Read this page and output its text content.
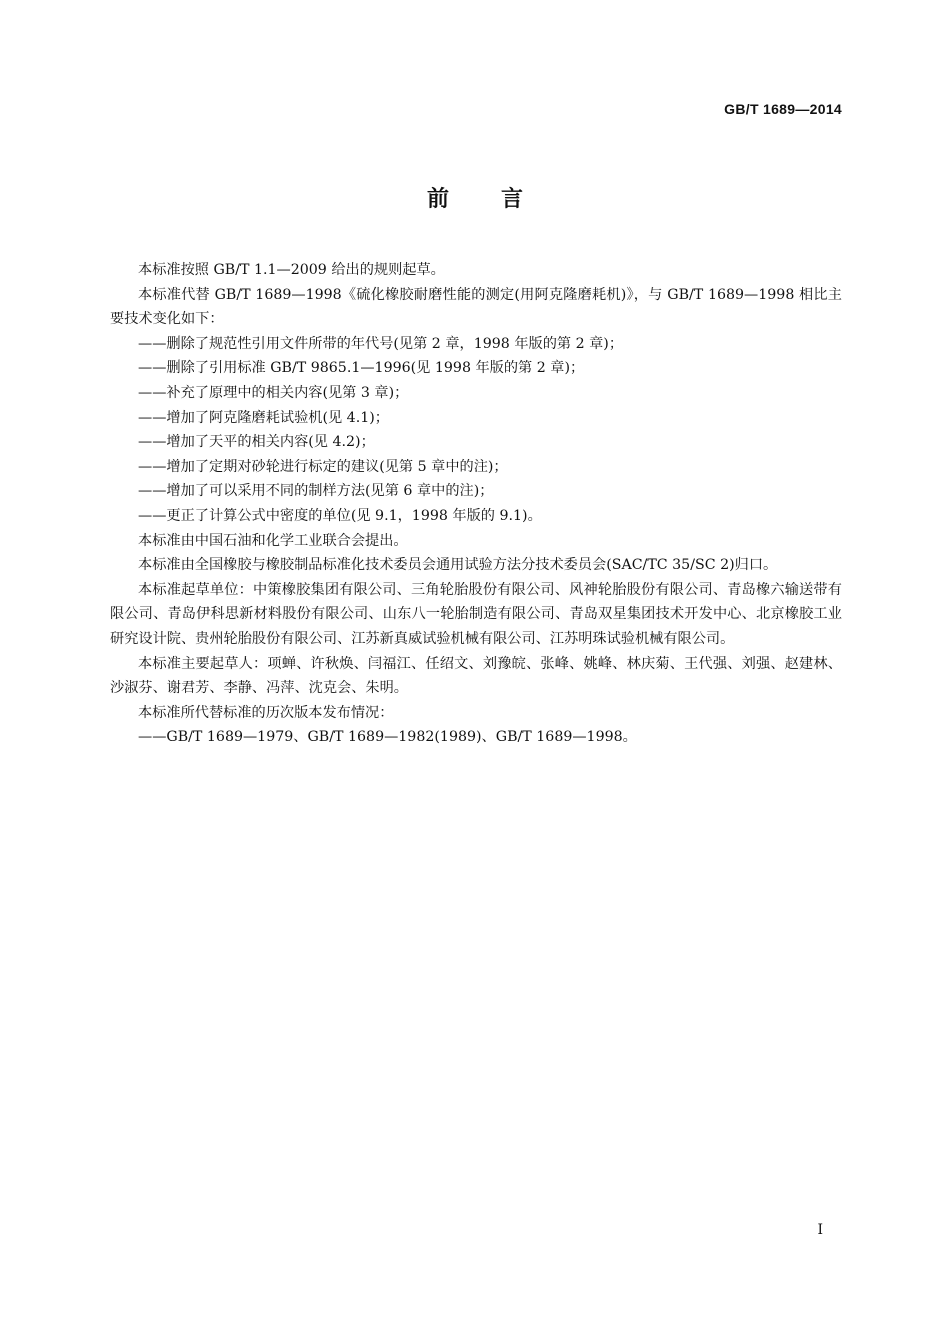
GB/T 1689—2014
前言

本标准按照 GB/T 1.1—2009 给出的规则起草。

本标准代替 GB/T 1689—1998《硫化橡胶耐磨性能的测定(用阿克隆磨耗机)》，与 GB/T 1689—1998 相比主要技术变化如下：

——删除了规范性引用文件所带的年代号(见第 2 章，1998 年版的第 2 章)；

——删除了引用标准 GB/T 9865.1—1996(见 1998 年版的第 2 章)；

——补充了原理中的相关内容(见第 3 章)；

——增加了阿克隆磨耗试验机(见 4.1)；

——增加了天平的相关内容(见 4.2)；

——增加了定期对砂轮进行标定的建议(见第 5 章中的注)；

——增加了可以采用不同的制样方法(见第 6 章中的注)；

——更正了计算公式中密度的单位(见 9.1，1998 年版的 9.1)。

本标准由中国石油和化学工业联合会提出。

本标准由全国橡胶与橡胶制品标准化技术委员会通用试验方法分技术委员会(SAC/TC 35/SC 2)归口。

本标准起草单位：中策橡胶集团有限公司、三角轮胎股份有限公司、风神轮胎股份有限公司、青岛橡六输送带有限公司、青岛伊科思新材料股份有限公司、山东八一轮胎制造有限公司、青岛双星集团技术开发中心、北京橡胶工业研究设计院、贵州轮胎股份有限公司、江苏新真威试验机械有限公司、江苏明珠试验机械有限公司。

本标准主要起草人：项蝉、许秋焕、闫福江、任绍文、刘豫皖、张峰、姚峰、林庆菊、王代强、刘强、赵建林、沙淑芬、谢君芳、李静、冯萍、沈克会、朱明。

本标准所代替标准的历次版本发布情况：

——GB/T 1689—1979、GB/T 1689—1982(1989)、GB/T 1689—1998。

I
